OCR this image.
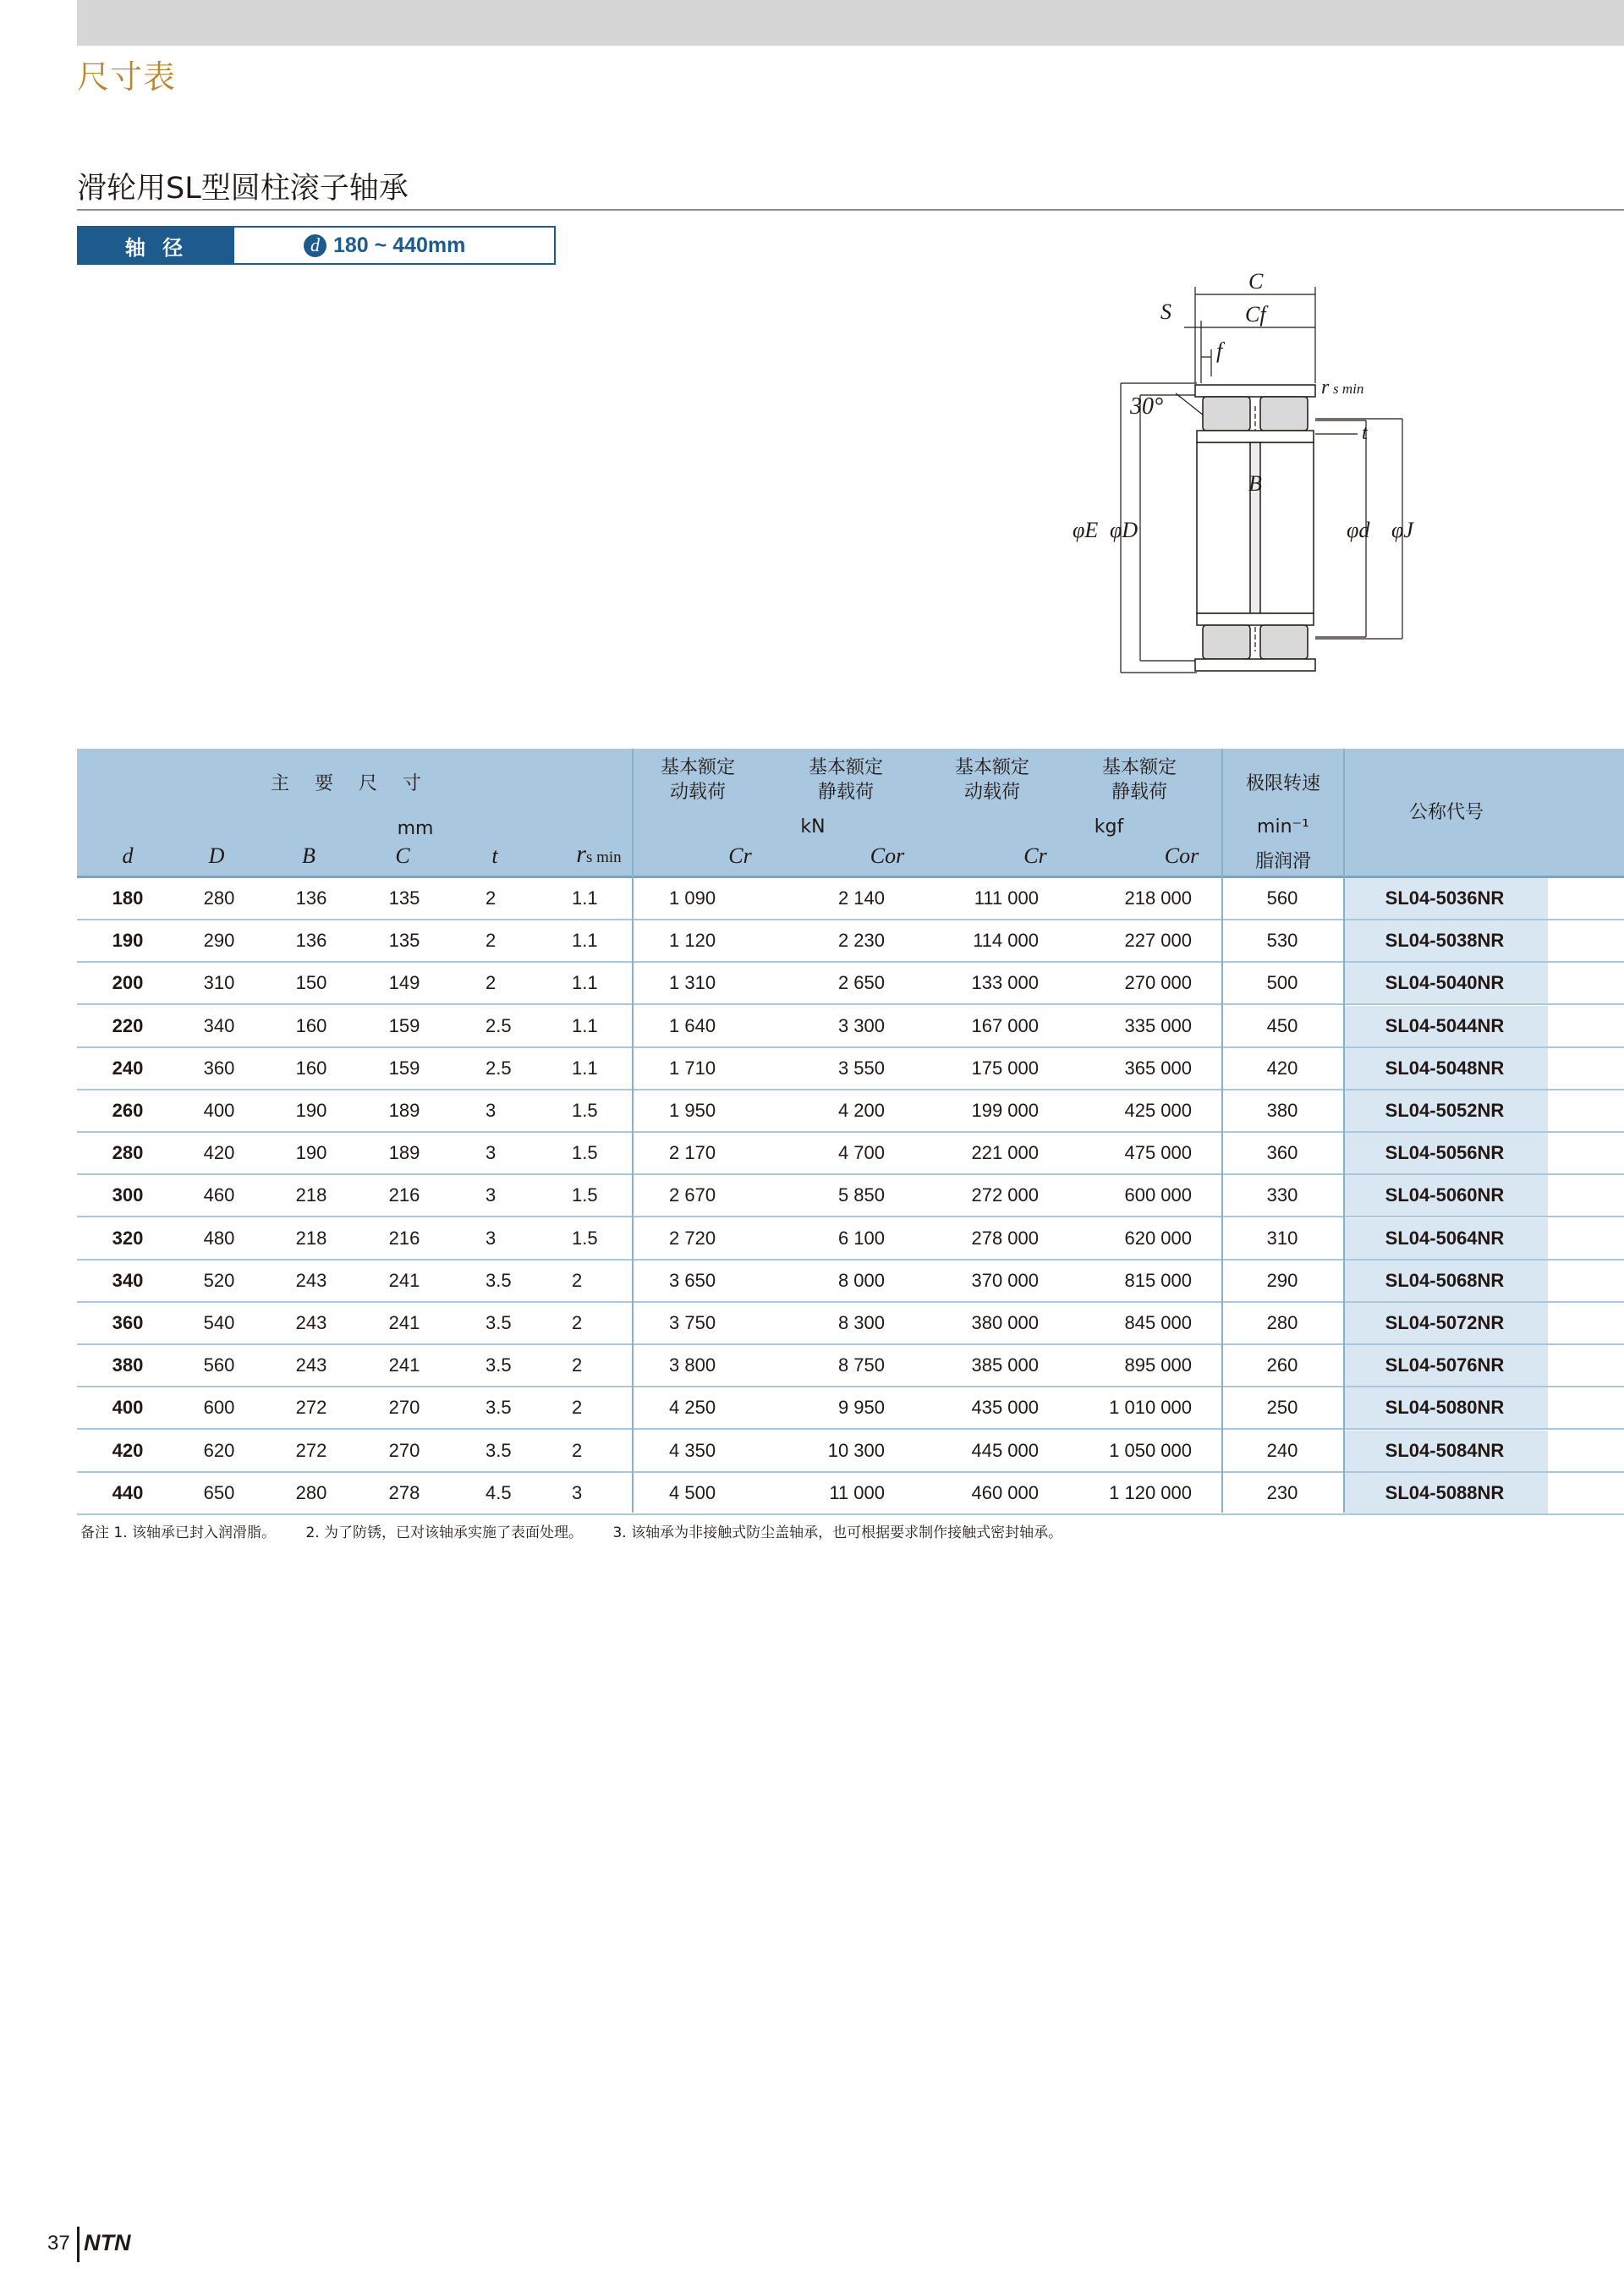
尺寸表
滑轮用SL型圆柱滚子轴承
轴 径	d 180 ~ 440mm
C
S	Cf
f
r s min
30°
t
B
φE φD	φd φJ
主　要　尺　寸
mm
基本额定
动载荷
基本额定
静载荷
基本额定
动载荷
基本额定
静载荷
kN	kgf
极限转速
min⁻¹
脂润滑
公称代号
d	D	B	C	t	rs min	Cr	Cor	Cr	Cor
180	280	136	135	2	1.1	1 090	2 140	111 000	218 000	560	SL04-5036NR
190	290	136	135	2	1.1	1 120	2 230	114 000	227 000	530	SL04-5038NR
200	310	150	149	2	1.1	1 310	2 650	133 000	270 000	500	SL04-5040NR
220	340	160	159	2.5	1.1	1 640	3 300	167 000	335 000	450	SL04-5044NR
240	360	160	159	2.5	1.1	1 710	3 550	175 000	365 000	420	SL04-5048NR
260	400	190	189	3	1.5	1 950	4 200	199 000	425 000	380	SL04-5052NR
280	420	190	189	3	1.5	2 170	4 700	221 000	475 000	360	SL04-5056NR
300	460	218	216	3	1.5	2 670	5 850	272 000	600 000	330	SL04-5060NR
320	480	218	216	3	1.5	2 720	6 100	278 000	620 000	310	SL04-5064NR
340	520	243	241	3.5	2	3 650	8 000	370 000	815 000	290	SL04-5068NR
360	540	243	241	3.5	2	3 750	8 300	380 000	845 000	280	SL04-5072NR
380	560	243	241	3.5	2	3 800	8 750	385 000	895 000	260	SL04-5076NR
400	600	272	270	3.5	2	4 250	9 950	435 000	1 010 000	250	SL04-5080NR
420	620	272	270	3.5	2	4 350	10 300	445 000	1 050 000	240	SL04-5084NR
440	650	280	278	4.5	3	4 500	11 000	460 000	1 120 000	230	SL04-5088NR
备注 1. 该轴承已封入润滑脂。 2. 为了防锈，已对该轴承实施了表面处理。 3. 该轴承为非接触式防尘盖轴承，也可根据要求制作接触式密封轴承。
37 NTN
